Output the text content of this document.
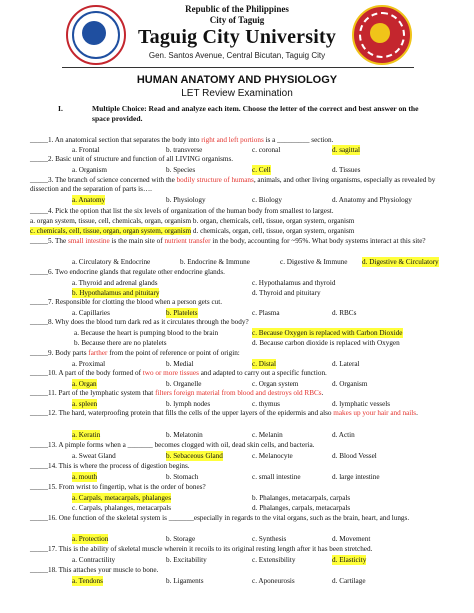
Republic of the Philippines
City of Taguig
Taguig City University
Gen. Santos Avenue, Central Bicutan, Taguig City
HUMAN ANATOMY AND PHYSIOLOGY
LET Review Examination
I.	Multiple Choice: Read and analyze each item. Choose the letter of the correct and best answer on the space provided.
_____1. An anatomical section that separates the body into right and left portions is a _________ section.
a. Frontal	b. transverse	c. coronal	d. sagittal
_____2. Basic unit of structure and function of all LIVING organisms.
a. Organism	b. Species	c. Cell	d. Tissues
_____3. The branch of science concerned with the bodily structure of humans, animals, and other living organisms, especially as revealed by dissection and the separation of parts is….
a. Anatomy	b. Physiology	c. Biology	d. Anatomy and Physiology
_____4. Pick the option that list the six levels of organization of the human body from smallest to largest.
a. organ system, tissue, cell, chemicals, organ, organism b. organ, chemicals, cell, tissue, organ system, organism
c. chemicals, cell, tissue, organ, organ system, organism d. chemicals, organ, cell, tissue, organ system, organism
_____5. The small intestine is the main site of nutrient transfer in the body, accounting for ~95%. What body systems interact at this site?
a. Circulatory & Endocrine	b. Endocrine & Immune	c. Digestive & Immune d. Digestive & Circulatory
_____6. Two endocrine glands that regulate other endocrine glands.
a. Thyroid and adrenal glands	c. Hypothalamus and thyroid
b. Hypothalamus and pituitary	d. Thyroid and pituitary
_____7. Responsible for clotting the blood when a person gets cut.
a. Capillaries	b. Platelets	c. Plasma	d. RBCs
_____8. Why does the blood turn dark red as it circulates through the body?
a. Because the heart is pumping blood to the brain	c. Because Oxygen is replaced with Carbon Dioxide
b. Because there are no platelets	d. Because carbon dioxide is replaced with Oxygen
_____9. Body parts farther from the point of reference or point of origin:
a. Proximal	b. Medial	c. Distal	d. Lateral
_____10. A part of the body formed of two or more tissues and adapted to carry out a specific function.
a. Organ	b. Organelle	c. Organ system	d. Organism
_____11. Part of the lymphatic system that filters foreign material from blood and destroys old RBCs.
a. spleen	b. lymph nodes	c. thymus	d. lymphatic vessels
_____12. The hard, waterproofing protein that fills the cells of the upper layers of the epidermis and also makes up your hair and nails.
a. Keratin	b. Melatonin	c. Melanin	d. Actin
_____13. A pimple forms when a _______ becomes clogged with oil, dead skin cells, and bacteria.
a. Sweat Gland	b. Sebaceous Gland	c. Melanocyte	d. Blood Vessel
_____14. This is where the process of digestion begins.
a. mouth	b. Stomach	c. small intestine	d. large intestine
_____15. From wrist to fingertip, what is the order of bones?
a. Carpals, metacarpals, phalanges	b. Phalanges, metacarpals, carpals
c. Carpals, phalanges, metacarpals	d. Phalanges, carpals, metacarpals
_____16. One function of the skeletal system is _______especially in regards to the vital organs, such as the brain, heart, and lungs.
a. Protection	b. Storage	c. Synthesis	d. Movement
_____17. This is the ability of skeletal muscle wherein it recoils to its original resting length after it has been stretched.
a. Contractility	b. Excitability	c. Extensibility	d. Elasticity
_____18. This attaches your muscle to bone.
a. Tendons	b. Ligaments	c. Aponeurosis	d. Cartilage
